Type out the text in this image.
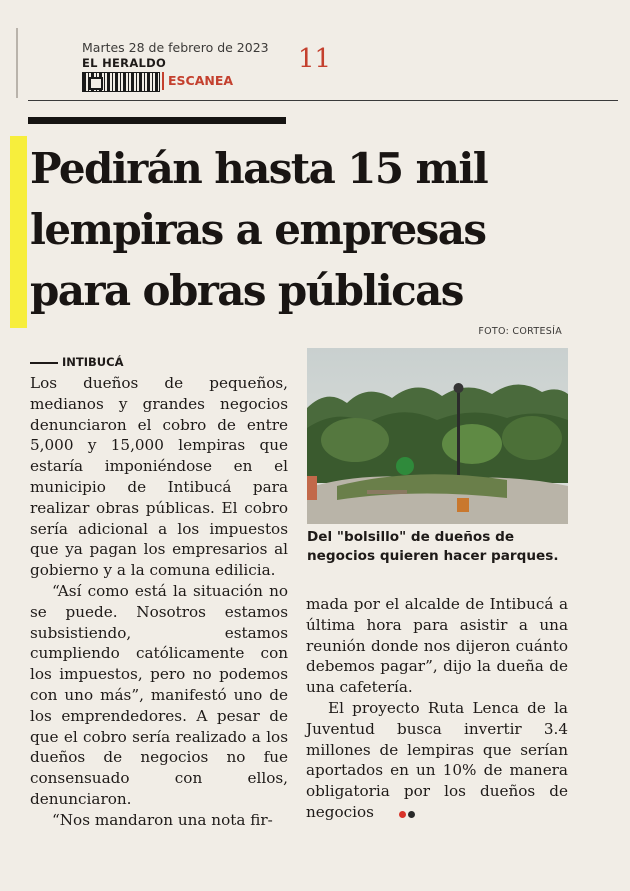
Martes 28 de febrero de 2023
EL HERALDO
ESCANEA
11
Pedirán hasta 15 mil
lempiras a empresas
para obras públicas
FOTO: CORTESÍA
INTIBUCÁ

Los dueños de pequeños, medianos y grandes negocios denunciaron el cobro de entre 5,000 y 15,000 lempiras que estaría imponiéndose en el municipio de Intibucá para realizar obras públicas. El cobro sería adicional a los impuestos que ya pagan los empresarios al gobierno y a la comuna edilicia.

“Así como está la situación no se puede. Nosotros estamos subsistiendo, estamos cumpliendo católicamente con los impuestos, pero no podemos con uno más”, manifestó uno de los emprendedores. A pesar de que el cobro sería realizado a los dueños de negocios no fue consensuado con ellos, denunciaron.

“Nos mandaron una nota fir-

Del "bolsillo" de dueños de
negocios quieren hacer parques.

mada por el alcalde de Intibucá a última hora para asistir a una reunión donde nos dijeron cuánto debemos pagar”, dijo la dueña de una cafetería.

El proyecto Ruta Lenca de la Juventud busca invertir 3.4 millones de lempiras que serían aportados en un 10% de manera obligatoria por los dueños de negocios
